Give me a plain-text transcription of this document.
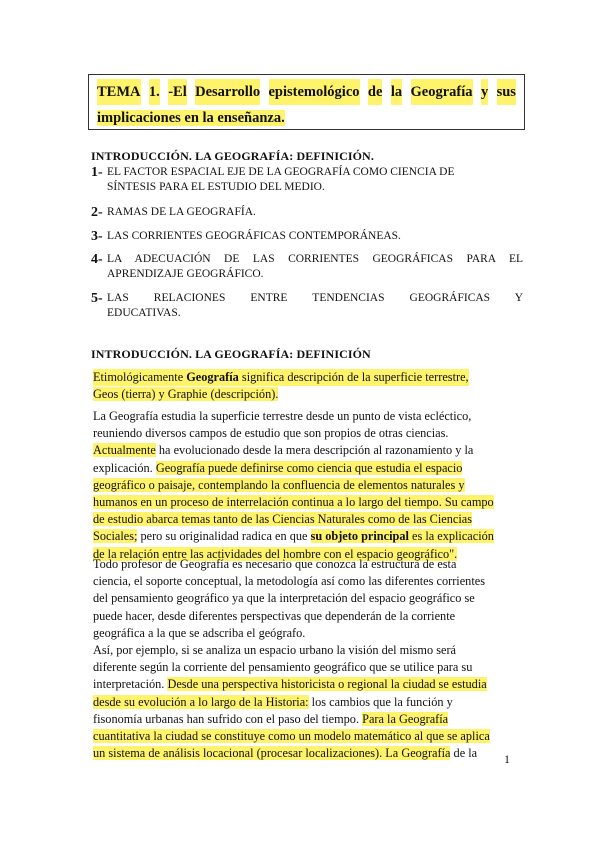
TEMA 1. -El Desarrollo epistemológico de la Geografía y sus
implicaciones en la enseñanza.
INTRODUCCIÓN. LA GEOGRAFÍA: DEFINICIÓN.
1- EL FACTOR ESPACIAL EJE DE LA GEOGRAFÍA COMO CIENCIA DE
SÍNTESIS PARA EL ESTUDIO DEL MEDIO.
2- RAMAS DE LA GEOGRAFÍA.
3- LAS CORRIENTES GEOGRÁFICAS CONTEMPORÁNEAS.
4- LA ADECUACIÓN DE LAS CORRIENTES GEOGRÁFICAS PARA EL
APRENDIZAJE GEOGRÁFICO.
5- LAS RELACIONES ENTRE TENDENCIAS GEOGRÁFICAS Y
EDUCATIVAS.
INTRODUCCIÓN. LA GEOGRAFÍA: DEFINICIÓN
Etimológicamente Geografía significa descripción de la superficie terrestre,
Geos (tierra) y Graphie (descripción).
La Geografía estudia la superficie terrestre desde un punto de vista ecléctico,
reuniendo diversos campos de estudio que son propios de otras ciencias.
Actualmente ha evolucionado desde la mera descripción al razonamiento y la
explicación. Geografía puede definirse como ciencia que estudia el espacio
geográfico o paisaje, contemplando la confluencia de elementos naturales y
humanos en un proceso de interrelación continua a lo largo del tiempo. Su campo
de estudio abarca temas tanto de las Ciencias Naturales como de las Ciencias
Sociales; pero su originalidad radica en que su objeto principal es la explicación
de la relación entre las actividades del hombre con el espacio geográfico".
Todo profesor de Geografía es necesario que conozca la estructura de esta
ciencia, el soporte conceptual, la metodología así como las diferentes corrientes
del pensamiento geográfico ya que la interpretación del espacio geográfico se
puede hacer, desde diferentes perspectivas que dependerán de la corriente
geográfica a la que se adscriba el geógrafo.
Así, por ejemplo, si se analiza un espacio urbano la visión del mismo será
diferente según la corriente del pensamiento geográfico que se utilice para su
interpretación. Desde una perspectiva historicista o regional la ciudad se estudia
desde su evolución a lo largo de la Historia: los cambios que la función y
fisonomía urbanas han sufrido con el paso del tiempo. Para la Geografía
cuantitativa la ciudad se constituye como un modelo matemático al que se aplica
un sistema de análisis locacional (procesar localizaciones). La Geografía de la	1
